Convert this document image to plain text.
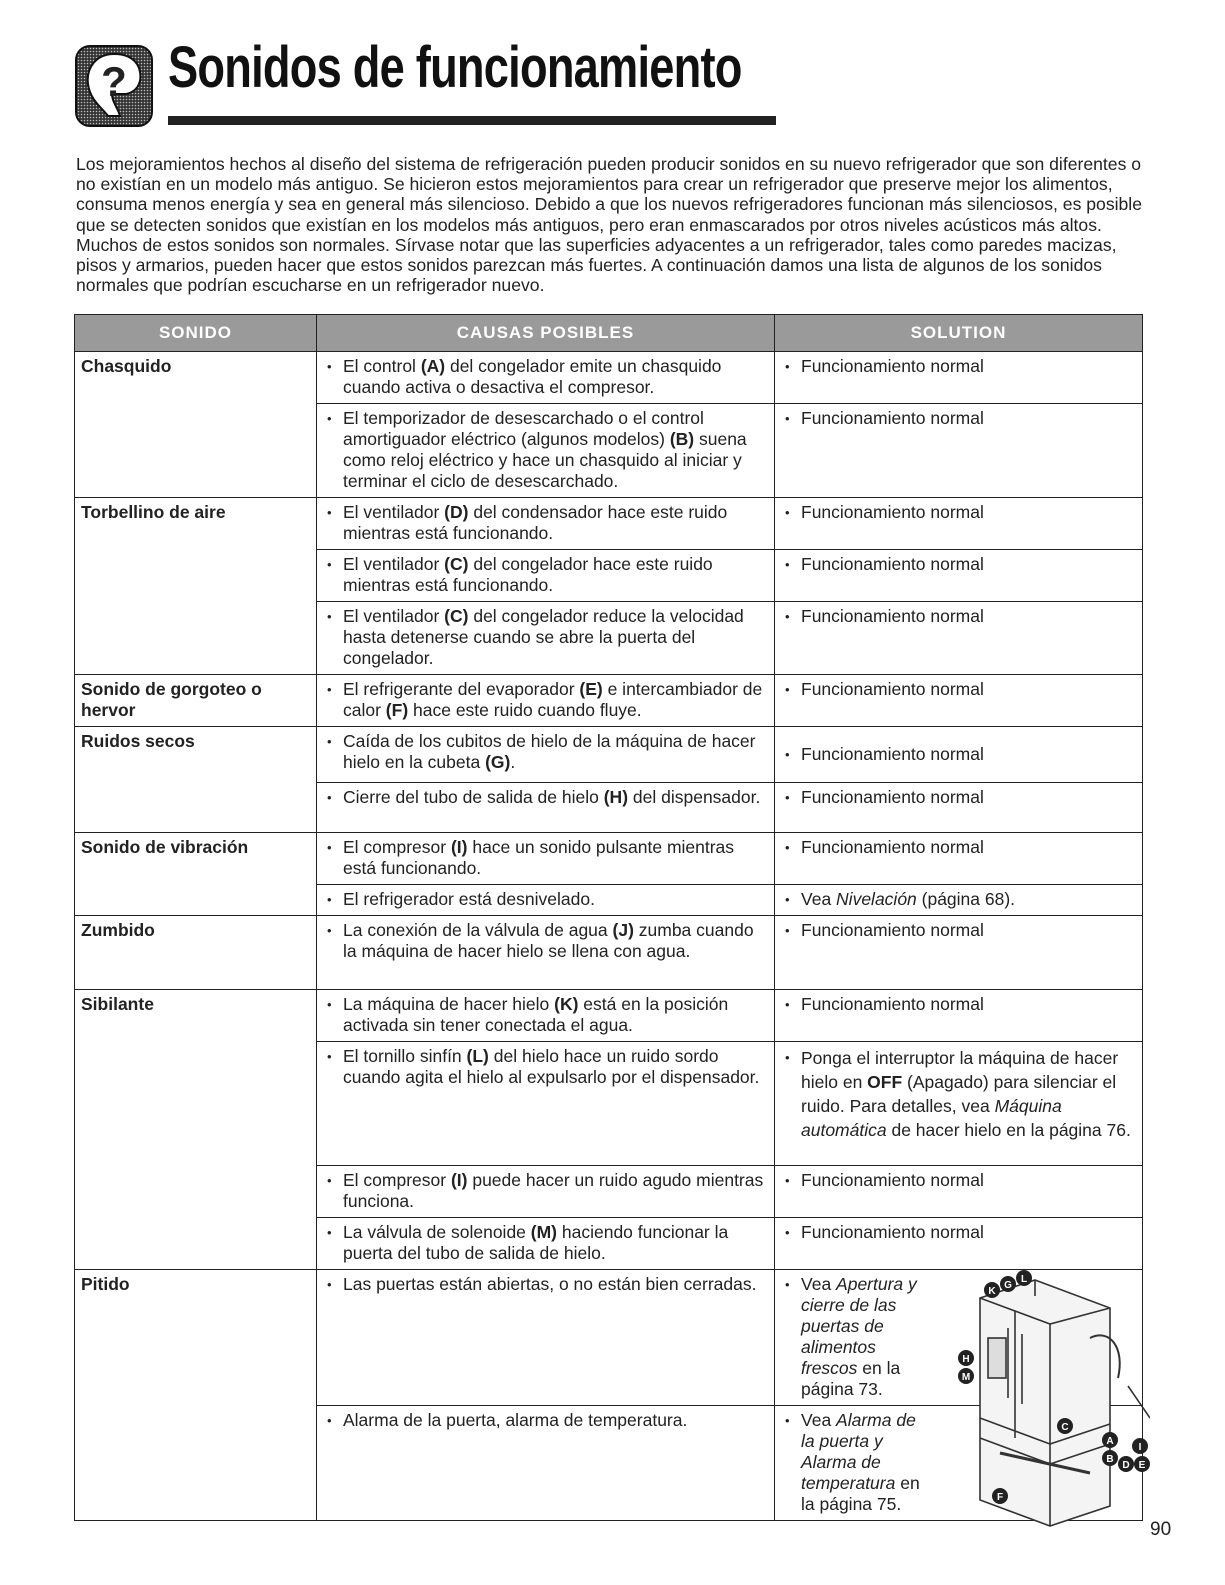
? Sonidos de funcionamiento

Los mejoramientos hechos al diseño del sistema de refrigeración pueden producir sonidos en su nuevo refrigerador que son diferentes o no existían en un modelo más antiguo. Se hicieron estos mejoramientos para crear un refrigerador que preserve mejor los alimentos, consuma menos energía y sea en general más silencioso. Debido a que los nuevos refrigeradores funcionan más silenciosos, es posible que se detecten sonidos que existían en los modelos más antiguos, pero eran enmascarados por otros niveles acústicos más altos. Muchos de estos sonidos son normales. Sírvase notar que las superficies adyacentes a un refrigerador, tales como paredes macizas, pisos y armarios, pueden hacer que estos sonidos parezcan más fuertes. A continuación damos una lista de algunos de los sonidos normales que podrían escucharse en un refrigerador nuevo.

SONIDO	CAUSAS POSIBLES	SOLUTION
Chasquido	• El control (A) del congelador emite un chasquido cuando activa o desactiva el compresor.	• Funcionamiento normal

	• El temporizador de desescarchado o el control amortiguador eléctrico (algunos modelos) (B) suena como reloj eléctrico y hace un chasquido al iniciar y terminar el ciclo de desescarchado.	• Funcionamiento normal

Torbellino de aire	• El ventilador (D) del condensador hace este ruido mientras está funcionando.	• Funcionamiento normal

	• El ventilador (C) del congelador hace este ruido mientras está funcionando.	• Funcionamiento normal

	• El ventilador (C) del congelador reduce la velocidad hasta detenerse cuando se abre la puerta del congelador.	• Funcionamiento normal

Sonido de gorgoteo o hervor	• El refrigerante del evaporador (E) e intercambiador de calor (F) hace este ruido cuando fluye.	• Funcionamiento normal

Ruidos secos	• Caída de los cubitos de hielo de la máquina de hacer hielo en la cubeta (G).	• Funcionamiento normal

	• Cierre del tubo de salida de hielo (H) del dispensador.	• Funcionamiento normal

Sonido de vibración	• El compresor (I) hace un sonido pulsante mientras está funcionando.	• Funcionamiento normal

	• El refrigerador está desnivelado.	• Vea Nivelación (página 68).

Zumbido	• La conexión de la válvula de agua (J) zumba cuando la máquina de hacer hielo se llena con agua.	• Funcionamiento normal

Sibilante	• La máquina de hacer hielo (K) está en la posición activada sin tener conectada el agua.	• Funcionamiento normal

	• El tornillo sinfín (L) del hielo hace un ruido sordo cuando agita el hielo al expulsarlo por el dispensador.	• Ponga el interruptor la máquina de hacer hielo en OFF (Apagado) para silenciar el ruido. Para detalles, vea Máquina automática de hacer hielo en la página 76.

	• El compresor (I) puede hacer un ruido agudo mientras funciona.	• Funcionamiento normal

	• La válvula de solenoide (M) haciendo funcionar la puerta del tubo de salida de hielo.	• Funcionamiento normal

Pitido	• Las puertas están abiertas, o no están bien cerradas.	• Vea Apertura y cierre de las puertas de alimentos frescos en la página 73.

	• Alarma de la puerta, alarma de temperatura.	• Vea Alarma de la puerta y Alarma de temperatura en la página 75.
K
G
L
H
M
C
A
B
D
I
E
F
90
